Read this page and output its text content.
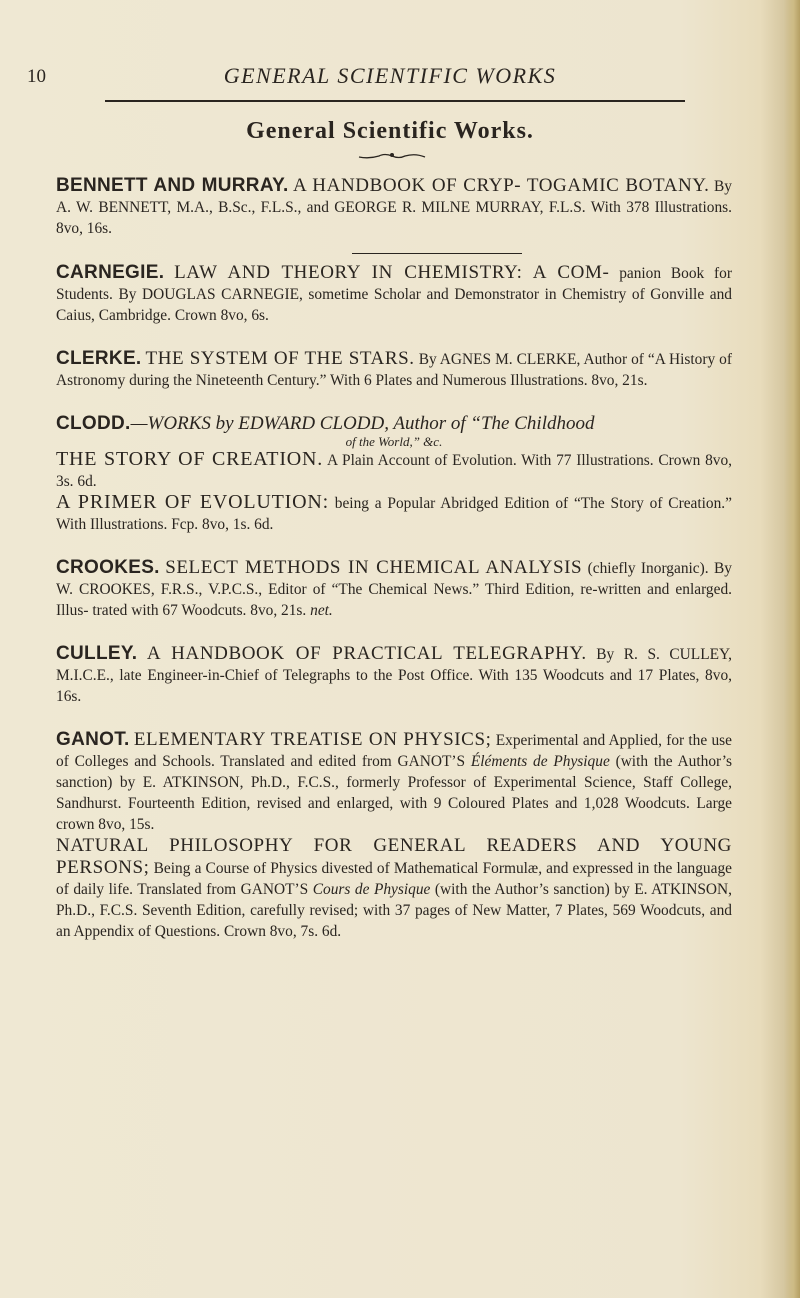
10	GENERAL SCIENTIFIC WORKS
General Scientific Works.

BENNETT AND MURRAY. A HANDBOOK OF CRYP- TOGAMIC BOTANY. By A. W. BENNETT, M.A., B.Sc., F.L.S., and GEORGE R. MILNE MURRAY, F.L.S. With 378 Illustrations. 8vo, 16s.

CARNEGIE. LAW AND THEORY IN CHEMISTRY: A COM- panion Book for Students. By DOUGLAS CARNEGIE, sometime Scholar and Demonstrator in Chemistry of Gonville and Caius, Cambridge. Crown 8vo, 6s.

CLERKE. THE SYSTEM OF THE STARS. By AGNES M. CLERKE, Author of “A History of Astronomy during the Nineteenth Century.” With 6 Plates and Numerous Illustrations. 8vo, 21s.

CLODD.—WORKS by EDWARD CLODD, Author of “The Childhood

of the World,” &c.

THE STORY OF CREATION. A Plain Account of Evolution. With 77 Illustrations. Crown 8vo, 3s. 6d.

A PRIMER OF EVOLUTION: being a Popular Abridged Edition of “The Story of Creation.” With Illustrations. Fcp. 8vo, 1s. 6d.

CROOKES. SELECT METHODS IN CHEMICAL ANALYSIS (chiefly Inorganic). By W. CROOKES, F.R.S., V.P.C.S., Editor of “The Chemical News.” Third Edition, re-written and enlarged. Illus- trated with 67 Woodcuts. 8vo, 21s. net.

CULLEY. A HANDBOOK OF PRACTICAL TELEGRAPHY. By R. S. CULLEY, M.I.C.E., late Engineer-in-Chief of Telegraphs to the Post Office. With 135 Woodcuts and 17 Plates, 8vo, 16s.

GANOT. ELEMENTARY TREATISE ON PHYSICS; Experimental and Applied, for the use of Colleges and Schools. Translated and edited from GANOT’S Éléments de Physique (with the Author’s sanction) by E. ATKINSON, Ph.D., F.C.S., formerly Professor of Experimental Science, Staff College, Sandhurst. Fourteenth Edition, revised and enlarged, with 9 Coloured Plates and 1,028 Woodcuts. Large crown 8vo, 15s.

NATURAL PHILOSOPHY FOR GENERAL READERS AND YOUNG PERSONS; Being a Course of Physics divested of Mathematical Formulæ, and expressed in the language of daily life. Translated from GANOT’S Cours de Physique (with the Author’s sanction) by E. ATKINSON, Ph.D., F.C.S. Seventh Edition, carefully revised; with 37 pages of New Matter, 7 Plates, 569 Woodcuts, and an Appendix of Questions. Crown 8vo, 7s. 6d.
